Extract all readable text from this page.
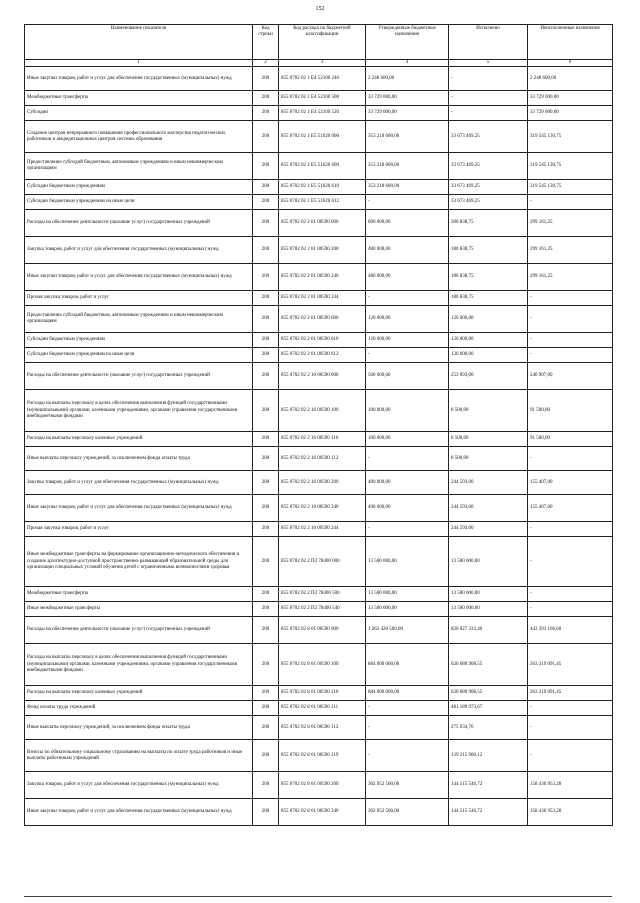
152
Наименование показателя	Код строки	Код расхода по бюджетной классификации	Утвержденные бюджетные назначения	Исполнено	Неисполненные назначения
1	2	3	4	5	6
Иные закупки товаров, работ и услуг для обеспечения государственных (муниципальных) нужд	200	855 0702 02 1 E4 52100 240	2 248 600,00	-	2 248 600,00
Межбюджетные трансферты	200	855 0702 02 1 E4 52100 500	33 729 000,00	-	33 729 000,00
Субсидии	200	855 0702 02 1 E4 52100 520	33 729 000,00	-	33 729 000,00
Создание центров непрерывного повышения профессионального мастерства педагогических работников и аккредитационных центров системы образования	200	855 0702 02 1 E5 51620 000	353 218 600,00	33 673 469,25	319 545 130,75
Предоставление субсидий бюджетным, автономным учреждениям и иным некоммерческим организациям	200	855 0702 02 1 E5 51620 600	353 218 600,00	33 673 469,25	319 545 130,75
Субсидии бюджетным учреждениям	200	855 0702 02 1 E5 51620 610	353 218 600,00	33 673 469,25	319 545 130,75
Субсидии бюджетным учреждениям на иные цели	200	855 0702 02 1 E5 51620 612	-	33 673 469,25	-
Расходы на обеспечение деятельности (оказание услуг) государственных учреждений	200	855 0702 02 2 01 00590 000	600 000,00	300 838,75	299 161,25
Закупка товаров, работ и услуг для обеспечения государственных (муниципальных) нужд	200	855 0702 02 2 01 00590 200	480 000,00	180 838,75	299 161,25
Иные закупки товаров, работ и услуг для обеспечения государственных (муниципальных) нужд	200	855 0702 02 2 01 00590 240	480 000,00	180 838,75	299 161,25
Прочая закупка товаров, работ и услуг	200	855 0702 02 2 01 00590 244	-	180 838,75	-
Предоставление субсидий бюджетным, автономным учреждениям и иным некоммерческим организациям	200	855 0702 02 2 01 00590 600	120 000,00	120 000,00	-
Субсидии бюджетным учреждениям	200	855 0702 02 2 01 00590 610	120 000,00	120 000,00	-
Субсидии бюджетным учреждениям на иные цели	200	855 0702 02 2 01 00590 612	-	120 000,00	-
Расходы на обеспечение деятельности (оказание услуг) государственных учреждений	200	855 0702 02 2 16 00590 000	500 000,00	253 093,00	246 907,00
Расходы на выплаты персоналу в целях обеспечения выполнения функций государственными (муниципальными) органами, казенными учреждениями, органами управления государственными внебюджетными фондами	200	855 0702 02 2 16 00590 100	100 000,00	8 500,00	91 500,00
Расходы на выплаты персоналу казенных учреждений	200	855 0702 02 2 16 00590 110	100 000,00	8 500,00	91 500,00
Иные выплаты персоналу учреждений, за исключением фонда оплаты труда	200	855 0702 02 2 16 00590 112	-	8 500,00	-
Закупка товаров, работ и услуг для обеспечения государственных (муниципальных) нужд	200	855 0702 02 2 16 00590 200	400 000,00	244 593,00	155 407,00
Иные закупки товаров, работ и услуг для обеспечения государственных (муниципальных) нужд	200	855 0702 02 2 16 00590 240	400 000,00	244 593,00	155 407,00
Прочая закупка товаров, работ и услуг	200	855 0702 02 2 16 00590 244	-	244 593,00	-
Иные межбюджетные трансферты на формирование организационно-методического обеспечения и создание архитектурно-доступной пространственно-развивающей образовательной среды для организации специальных условий обучения детей с ограниченными возможностями здоровья	200	855 0702 02 2 П2 78400 000	13 500 000,00	13 500 000,00	-
Межбюджетные трансферты	200	855 0702 02 2 П2 78400 500	13 500 000,00	13 500 000,00	-
Иные межбюджетные трансферты	200	855 0702 02 2 П2 78400 540	13 500 000,00	13 500 000,00	-
Расходы на обеспечение деятельности (оказание услуг) государственных учреждений	200	855 0702 02 8 01 00590 000	1 263 420 500,00	820 027 333,40	443 393 166,60
Расходы на выплаты персоналу в целях обеспечения выполнения функций государственными (муниципальными) органами, казенными учреждениями, органами управления государственными внебюджетными фондами	200	855 0702 02 8 01 00590 100	884 000 000,00	620 680 908,55	263 319 091,45
Расходы на выплаты персоналу казенных учреждений	200	855 0702 02 8 01 00590 110	884 000 000,00	620 680 908,55	263 319 091,45
Фонд оплаты труда учреждений	200	855 0702 02 8 01 00590 111	-	481 189 973,67	-
Иные выплаты персоналу учреждений, за исключением фонда оплаты труда	200	855 0702 02 8 01 00590 112	-	275 034,76	-
Взносы по обязательному социальному страхованию на выплаты по оплате труда работников и иные выплаты работникам учреждений	200	855 0702 02 8 01 00590 119	-	139 215 900,12	-
Закупка товаров, работ и услуг для обеспечения государственных (муниципальных) нужд	200	855 0702 02 8 01 00590 200	302 952 500,00	144 515 546,72	158 436 953,28
Иные закупки товаров, работ и услуг для обеспечения государственных (муниципальных) нужд	200	855 0702 02 8 01 00590 240	302 952 500,00	144 515 546,72	158 436 953,28
